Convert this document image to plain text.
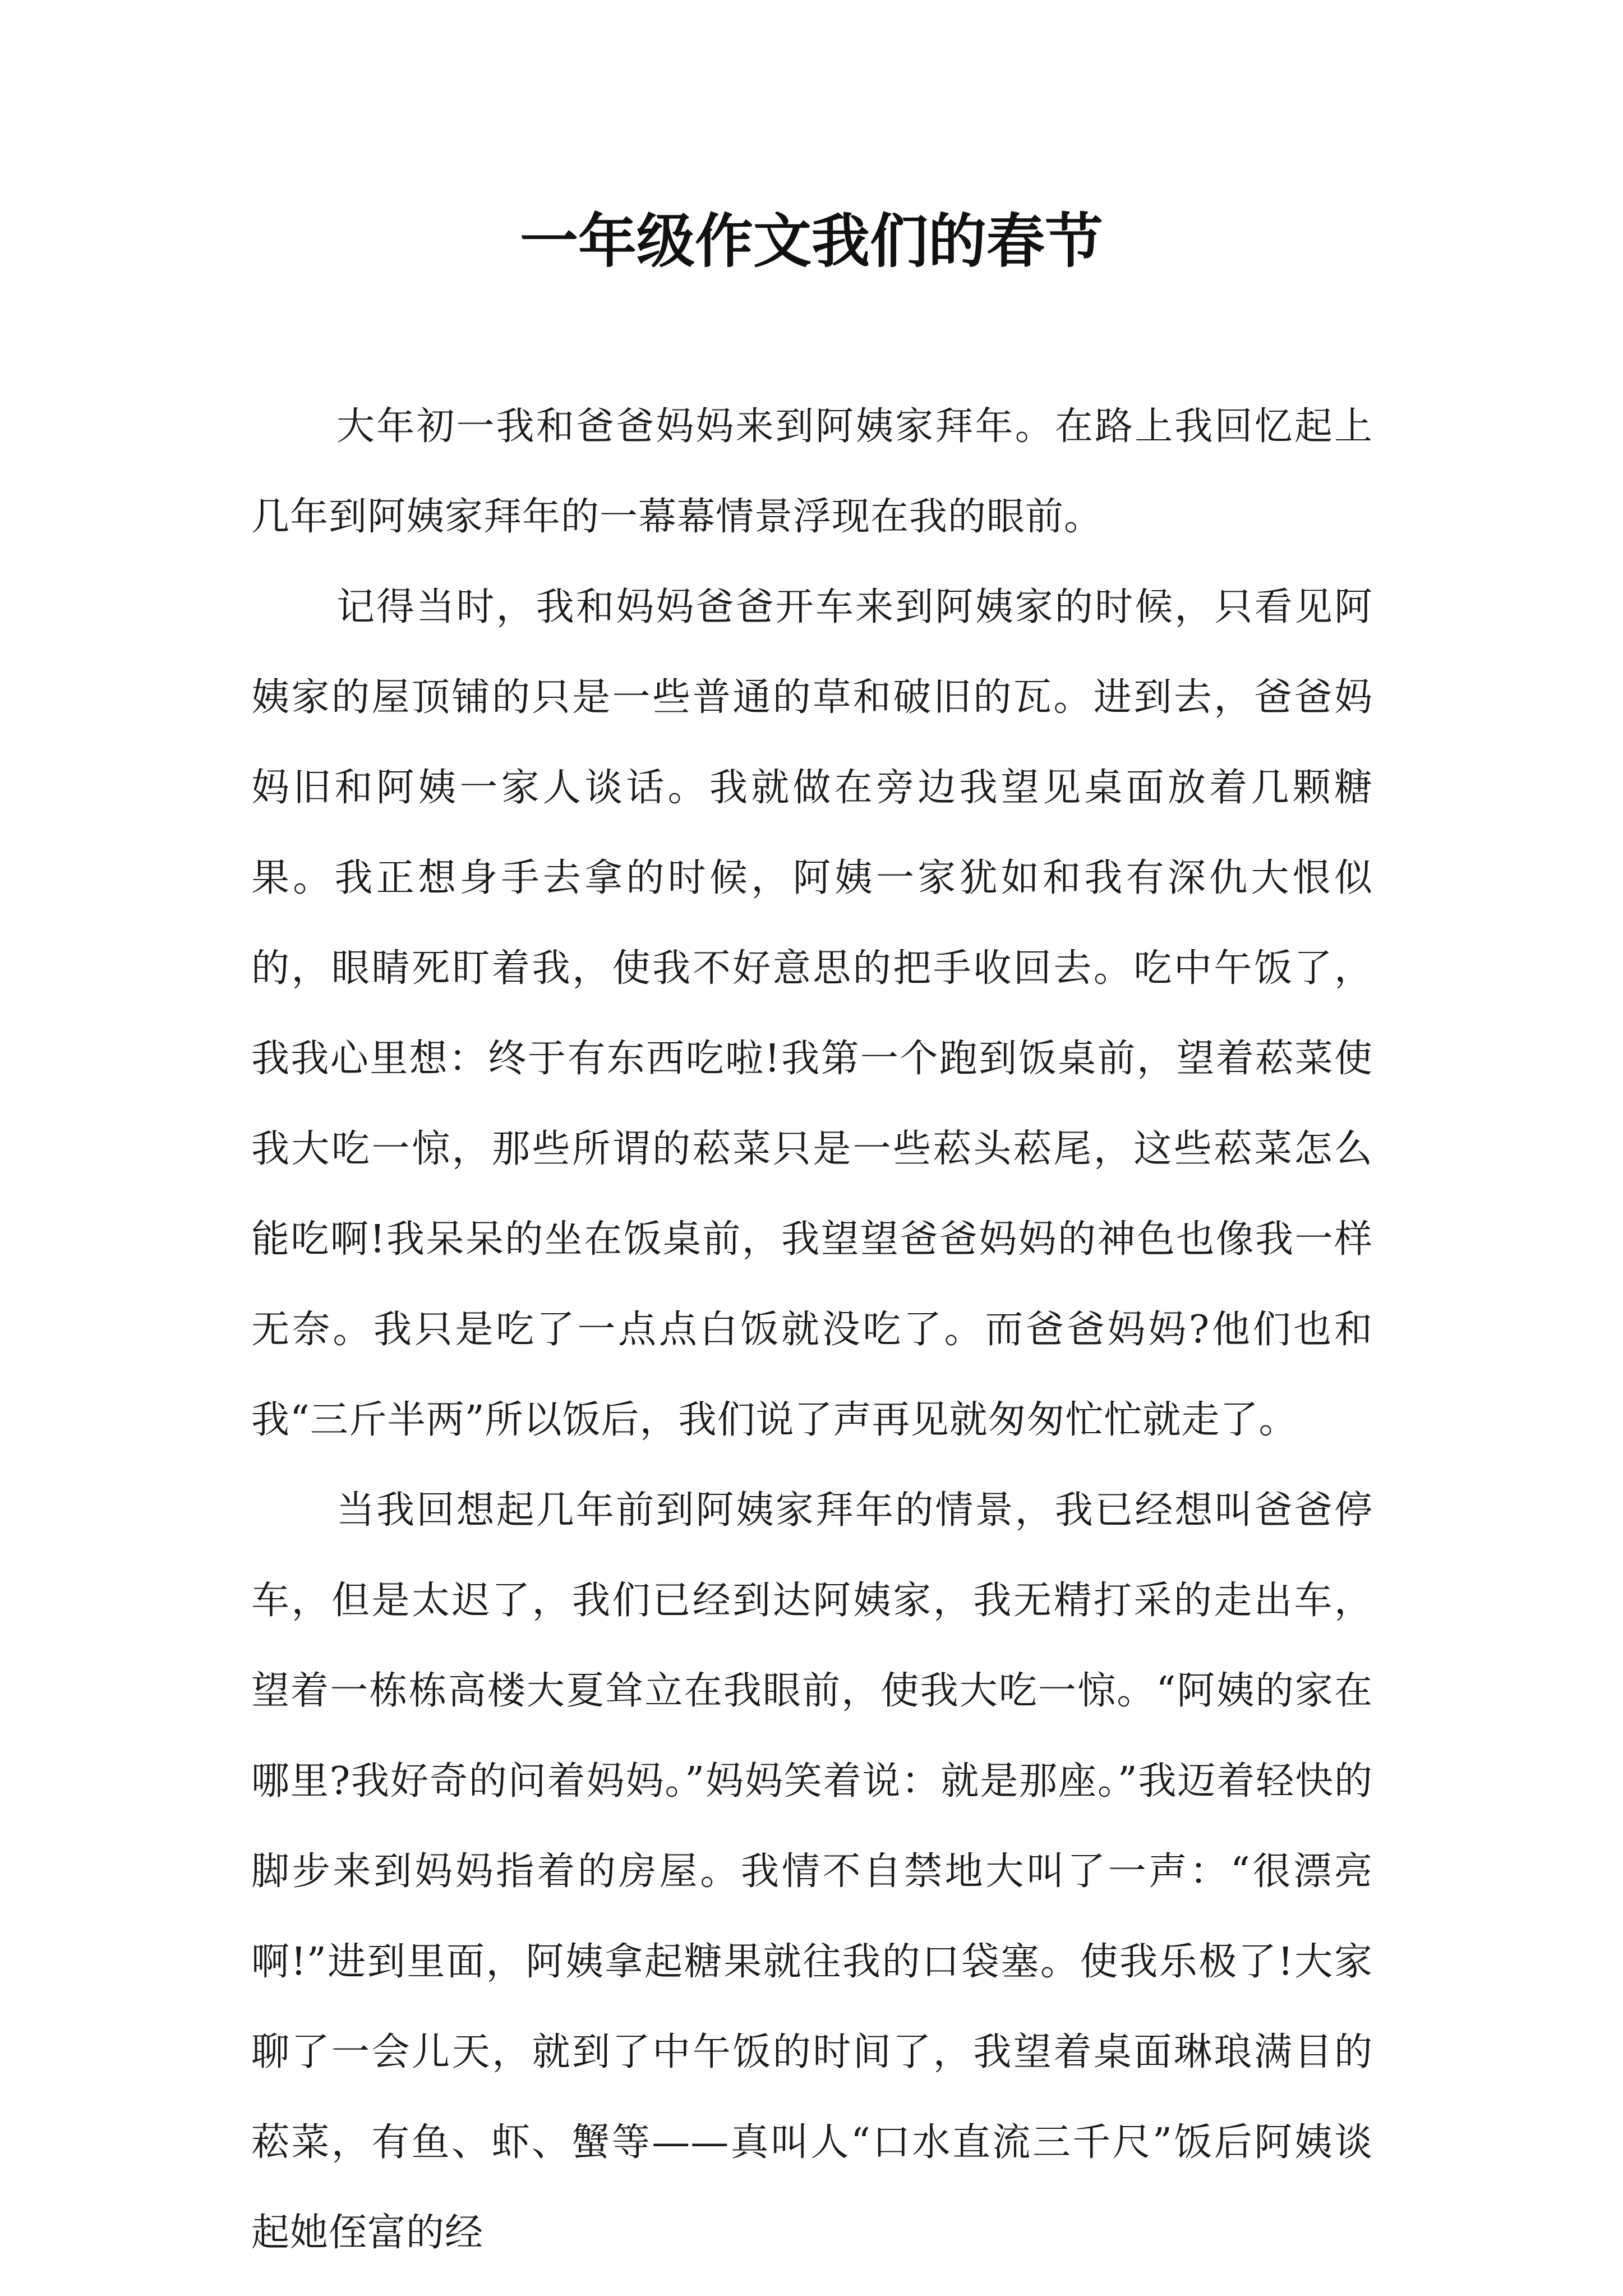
一年级作文我们的春节

大年初一我和爸爸妈妈来到阿姨家拜年。在路上我回忆起上几年到阿姨家拜年的一幕幕情景浮现在我的眼前。

记得当时，我和妈妈爸爸开车来到阿姨家的时候，只看见阿姨家的屋顶铺的只是一些普通的草和破旧的瓦。进到去，爸爸妈妈旧和阿姨一家人谈话。我就做在旁边我望见桌面放着几颗糖果。我正想身手去拿的时候，阿姨一家犹如和我有深仇大恨似的，眼睛死盯着我，使我不好意思的把手收回去。吃中午饭了，我我心里想：终于有东西吃啦!我第一个跑到饭桌前，望着菘菜使我大吃一惊，那些所谓的菘菜只是一些菘头菘尾，这些菘菜怎么能吃啊!我呆呆的坐在饭桌前，我望望爸爸妈妈的神色也像我一样无奈。我只是吃了一点点白饭就没吃了。而爸爸妈妈?他们也和我“三斤半两”所以饭后，我们说了声再见就匆匆忙忙就走了。

当我回想起几年前到阿姨家拜年的情景，我已经想叫爸爸停车，但是太迟了，我们已经到达阿姨家，我无精打采的走出车，望着一栋栋高楼大夏耸立在我眼前，使我大吃一惊。“阿姨的家在哪里?我好奇的问着妈妈。”妈妈笑着说：就是那座。”我迈着轻快的脚步来到妈妈指着的房屋。我情不自禁地大叫了一声：“很漂亮啊!”进到里面，阿姨拿起糖果就往我的口袋塞。使我乐极了!大家聊了一会儿天，就到了中午饭的时间了，我望着桌面琳琅满目的菘菜，有鱼、虾、蟹等——真叫人“口水直流三千尺”饭后阿姨谈起她侄富的经
